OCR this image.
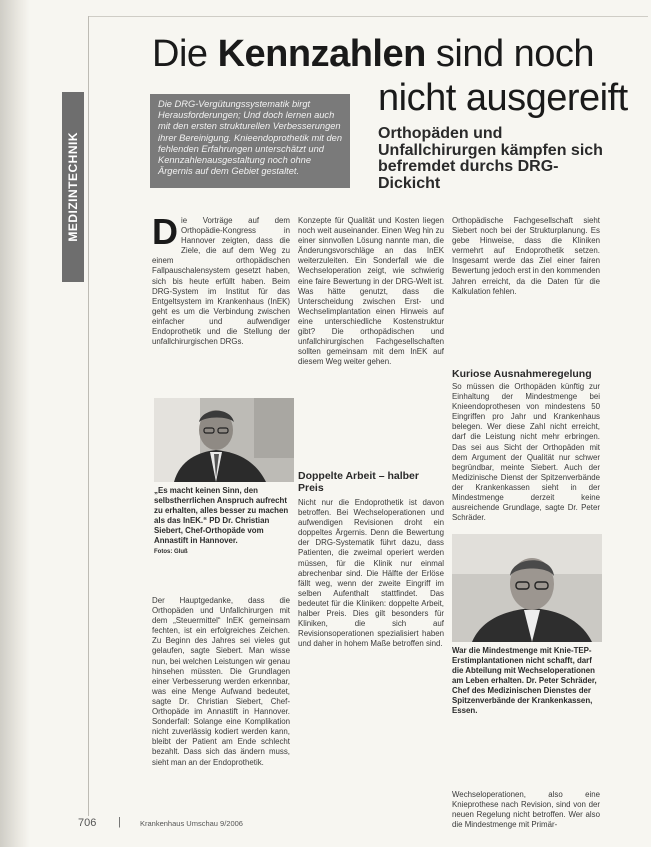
MEDIZINTECHNIK
Die Kennzahlen sind noch
nicht ausgereift
Die DRG-Vergütungssystematik birgt Herausforderungen; Und doch lernen auch mit den ersten strukturellen Verbesserungen ihrer Bereinigung. Knieendoprothetik mit den fehlenden Erfahrungen unterschätzt und Kennzahlenausgestaltung noch ohne Ärgernis auf dem Gebiet gestaltet.
Orthopäden und Unfallchirurgen kämpfen sich befremdet durchs DRG-Dickicht
D ie Vorträge auf dem Orthopädie-Kongress in Hannover zeigten, dass die Ziele, die auf dem Weg zu einem orthopädischen Fallpauschalensystem gesetzt haben, sich bis heute erfüllt haben. Beim DRG-System im Institut für das Entgeltsystem im Krankenhaus (InEK) geht es um die Verbindung zwischen einfacher und aufwendiger Endoprothetik und die Stellung der unfallchirurgischen DRGs.

„Es macht keinen Sinn, den selbstherrlichen Anspruch aufrecht zu erhalten, alles besser zu machen als das InEK.“ PD Dr. Christian Siebert, Chef-Orthopäde vom Annastift in Hannover.
Fotos: Gluß

Der Hauptgedanke, dass die Orthopäden und Unfallchirurgen mit dem „Steuermittel“ InEK gemeinsam fechten, ist ein erfolgreiches Zeichen. Zu Beginn des Jahres sei vieles gut gelaufen, sagte Siebert. Man wisse nun, bei welchen Leistungen wir genau hinsehen müssten. Die Grundlagen einer Verbesserung werden erkennbar, was eine Menge Aufwand bedeutet, sagte Dr. Christian Siebert, Chef-Orthopäde im Annastift in Hannover. Sonderfall: Solange eine Komplikation nicht zuverlässig kodiert werden kann, bleibt der Patient am Ende schlecht bezahlt. Dass sich das ändern muss, sieht man an der Endoprothetik.

Konzepte für Qualität und Kosten liegen noch weit auseinander. Einen Weg hin zu einer sinnvollen Lösung nannte man, die Änderungsvorschläge an das InEK weiterzuleiten. Ein Sonderfall wie die Wechseloperation zeigt, wie schwierig eine faire Bewertung in der DRG-Welt ist. Was hätte genutzt, dass die Unterscheidung zwischen Erst- und Wechselimplantation einen Hinweis auf eine unterschiedliche Kostenstruktur gibt? Die orthopädischen und unfallchirurgischen Fachgesellschaften sollten gemeinsam mit dem InEK auf diesem Weg weiter gehen.

Doppelte Arbeit – halber Preis

Nicht nur die Endoprothetik ist davon betroffen. Bei Wechseloperationen und aufwendigen Revisionen droht ein doppeltes Ärgernis. Denn die Bewertung der DRG-Systematik führt dazu, dass Patienten, die zweimal operiert werden müssen, für die Klinik nur einmal abrechenbar sind. Die Hälfte der Erlöse fällt weg, wenn der zweite Eingriff im selben Aufenthalt stattfindet. Das bedeutet für die Kliniken: doppelte Arbeit, halber Preis. Dies gilt besonders für Kliniken, die sich auf Revisionsoperationen spezialisiert haben und daher in hohem Maße betroffen sind.

Orthopädische Fachgesellschaft sieht Siebert noch bei der Strukturplanung. Es gebe Hinweise, dass die Kliniken vermehrt auf Endoprothetik setzen. Insgesamt werde das Ziel einer fairen Bewertung jedoch erst in den kommenden Jahren erreicht, da die Daten für die Kalkulation fehlen.

Kuriose Ausnahmeregelung

So müssen die Orthopäden künftig zur Einhaltung der Mindestmenge bei Knieendoprothesen von mindestens 50 Eingriffen pro Jahr und Krankenhaus belegen. Wer diese Zahl nicht erreicht, darf die Leistung nicht mehr erbringen. Das sei aus Sicht der Orthopäden mit dem Argument der Qualität nur schwer begründbar, meinte Siebert. Auch der Medizinische Dienst der Spitzenverbände der Krankenkassen sieht in der Mindestmenge derzeit keine ausreichende Grundlage, sagte Dr. Peter Schräder.

War die Mindestmenge mit Knie-TEP-Erstimplantationen nicht schafft, darf die Abteilung mit Wechseloperationen am Leben erhalten. Dr. Peter Schräder, Chef des Medizinischen Dienstes der Spitzenverbände der Krankenkassen, Essen.

Wechseloperationen, also eine Knieprothese nach Revision, sind von der neuen Regelung nicht betroffen. Wer also die Mindestmenge mit Primär-

706 |	Krankenhaus Umschau 9/2006
